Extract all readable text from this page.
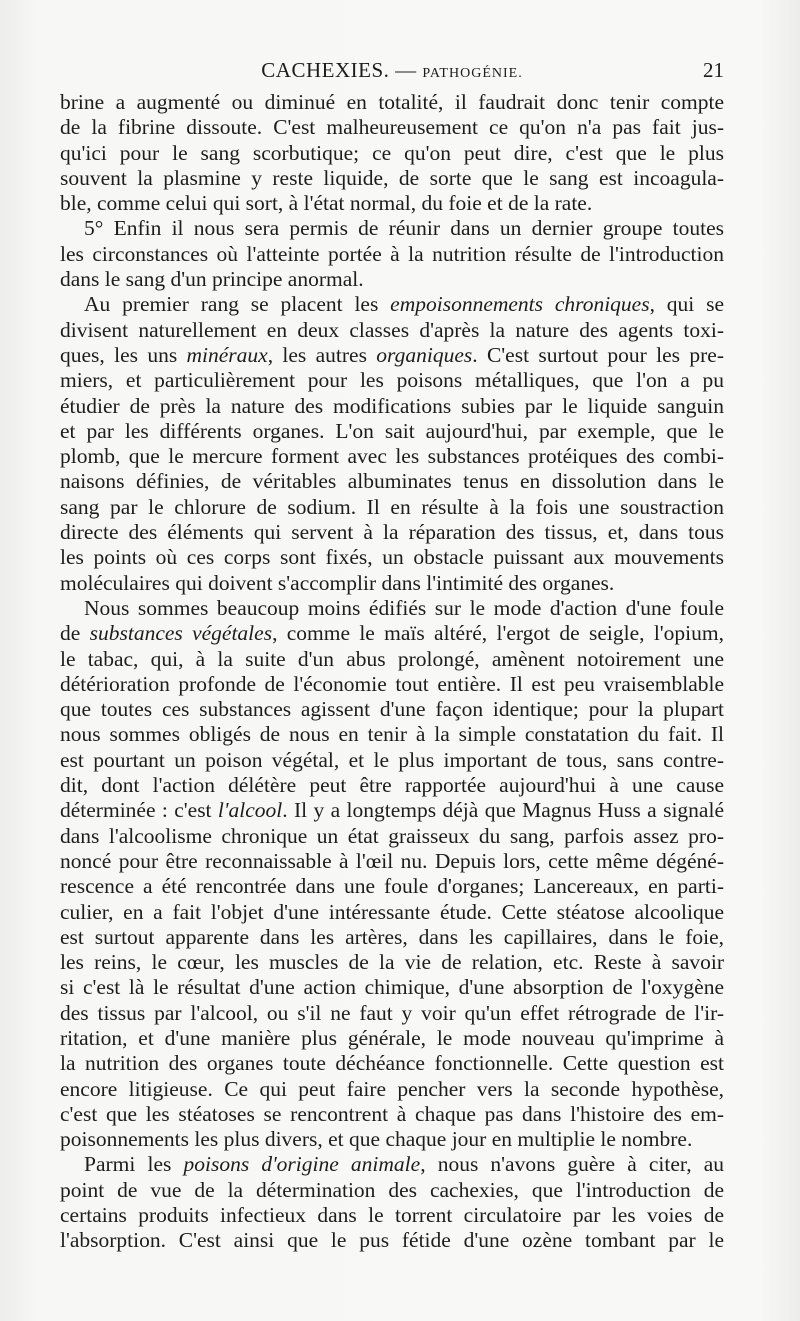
CACHEXIES. — PATHOGÉNIE.	21
brine a augmenté ou diminué en totalité, il faudrait donc tenir compte
de la fibrine dissoute. C'est malheureusement ce qu'on n'a pas fait jus-
qu'ici pour le sang scorbutique; ce qu'on peut dire, c'est que le plus
souvent la plasmine y reste liquide, de sorte que le sang est incoagula-
ble, comme celui qui sort, à l'état normal, du foie et de la rate.
5° Enfin il nous sera permis de réunir dans un dernier groupe toutes
les circonstances où l'atteinte portée à la nutrition résulte de l'introduction
dans le sang d'un principe anormal.
Au premier rang se placent les empoisonnements chroniques, qui se
divisent naturellement en deux classes d'après la nature des agents toxi-
ques, les uns minéraux, les autres organiques. C'est surtout pour les pre-
miers, et particulièrement pour les poisons métalliques, que l'on a pu
étudier de près la nature des modifications subies par le liquide sanguin
et par les différents organes. L'on sait aujourd'hui, par exemple, que le
plomb, que le mercure forment avec les substances protéiques des combi-
naisons définies, de véritables albuminates tenus en dissolution dans le
sang par le chlorure de sodium. Il en résulte à la fois une soustraction
directe des éléments qui servent à la réparation des tissus, et, dans tous
les points où ces corps sont fixés, un obstacle puissant aux mouvements
moléculaires qui doivent s'accomplir dans l'intimité des organes.
Nous sommes beaucoup moins édifiés sur le mode d'action d'une foule
de substances végétales, comme le maïs altéré, l'ergot de seigle, l'opium,
le tabac, qui, à la suite d'un abus prolongé, amènent notoirement une
détérioration profonde de l'économie tout entière. Il est peu vraisemblable
que toutes ces substances agissent d'une façon identique; pour la plupart
nous sommes obligés de nous en tenir à la simple constatation du fait. Il
est pourtant un poison végétal, et le plus important de tous, sans contre-
dit, dont l'action délétère peut être rapportée aujourd'hui à une cause
déterminée : c'est l'alcool. Il y a longtemps déjà que Magnus Huss a signalé
dans l'alcoolisme chronique un état graisseux du sang, parfois assez pro-
noncé pour être reconnaissable à l'œil nu. Depuis lors, cette même dégéné-
rescence a été rencontrée dans une foule d'organes; Lancereaux, en parti-
culier, en a fait l'objet d'une intéressante étude. Cette stéatose alcoolique
est surtout apparente dans les artères, dans les capillaires, dans le foie,
les reins, le cœur, les muscles de la vie de relation, etc. Reste à savoir
si c'est là le résultat d'une action chimique, d'une absorption de l'oxygène
des tissus par l'alcool, ou s'il ne faut y voir qu'un effet rétrograde de l'ir-
ritation, et d'une manière plus générale, le mode nouveau qu'imprime à
la nutrition des organes toute déchéance fonctionnelle. Cette question est
encore litigieuse. Ce qui peut faire pencher vers la seconde hypothèse,
c'est que les stéatoses se rencontrent à chaque pas dans l'histoire des em-
poisonnements les plus divers, et que chaque jour en multiplie le nombre.
Parmi les poisons d'origine animale, nous n'avons guère à citer, au
point de vue de la détermination des cachexies, que l'introduction de
certains produits infectieux dans le torrent circulatoire par les voies de
l'absorption. C'est ainsi que le pus fétide d'une ozène tombant par le
